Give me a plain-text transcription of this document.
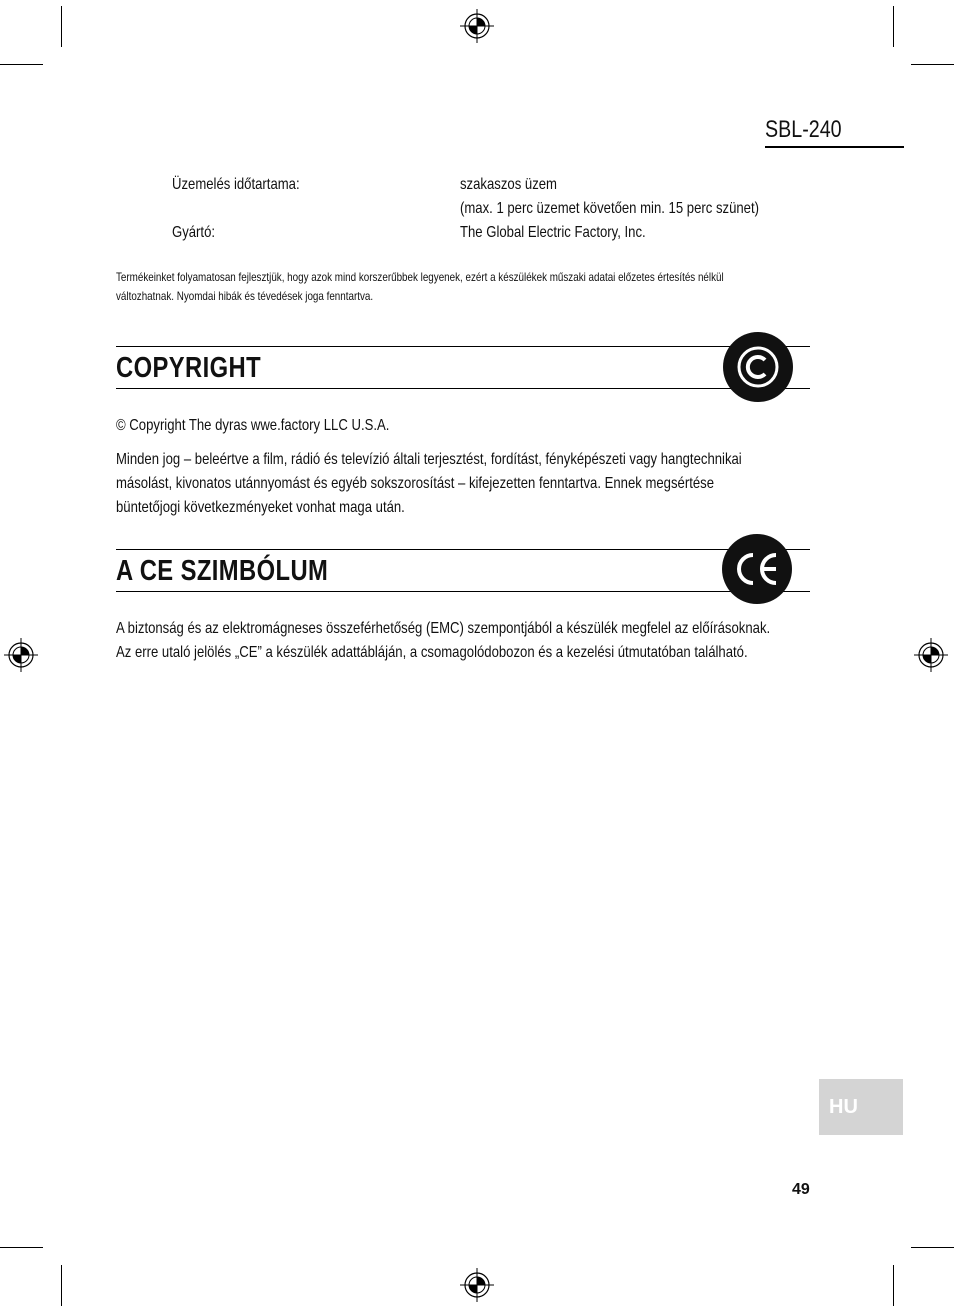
SBL-240
Üzemelés időtartama:	szakaszos üzem
(max. 1 perc üzemet követően min. 15 perc szünet)
Gyártó:	The Global Electric Factory, Inc.
Termékeinket folyamatosan fejlesztjük, hogy azok mind korszerűbbek legyenek, ezért a készülékek műszaki adatai előzetes értesítés nélkül
változhatnak. Nyomdai hibák és tévedések joga fenntartva.
COPYRIGHT
© Copyright The dyras wwe.factory LLC U.S.A.
Minden jog – beleértve a film, rádió és televízió általi terjesztést, fordítást, fényképészeti vagy hangtechnikai
másolást, kivonatos utánnyomást és egyéb sokszorosítást – kifejezetten fenntartva. Ennek megsértése
büntetőjogi következményeket vonhat maga után.
A CE SZIMBÓLUM
A biztonság és az elektromágneses összeférhetőség (EMC) szempontjából a készülék megfelel az előírásoknak.
Az erre utaló jelölés „CE” a készülék adattábláján, a csomagolódobozon és a kezelési útmutatóban található.
HU
49
